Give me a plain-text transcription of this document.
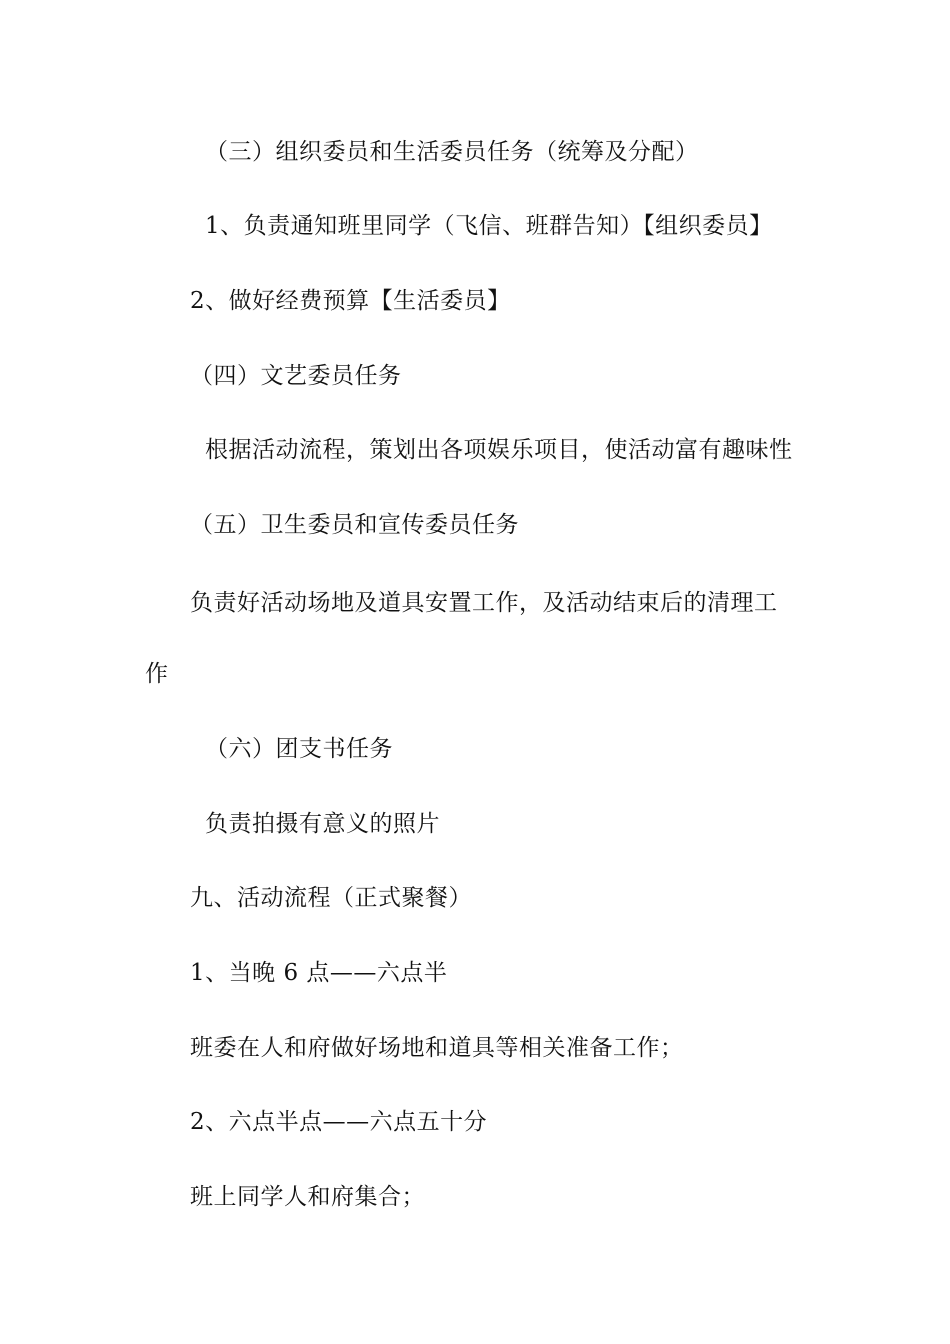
（三）组织委员和生活委员任务（统筹及分配）
1、负责通知班里同学（飞信、班群告知）【组织委员】
2、做好经费预算【生活委员】
（四）文艺委员任务
根据活动流程，策划出各项娱乐项目，使活动富有趣味性
（五）卫生委员和宣传委员任务
负责好活动场地及道具安置工作，及活动结束后的清理工
作
（六）团支书任务
负责拍摄有意义的照片
九、活动流程（正式聚餐）
1、当晚 6 点——六点半
班委在人和府做好场地和道具等相关准备工作；
2、六点半点——六点五十分
班上同学人和府集合；
